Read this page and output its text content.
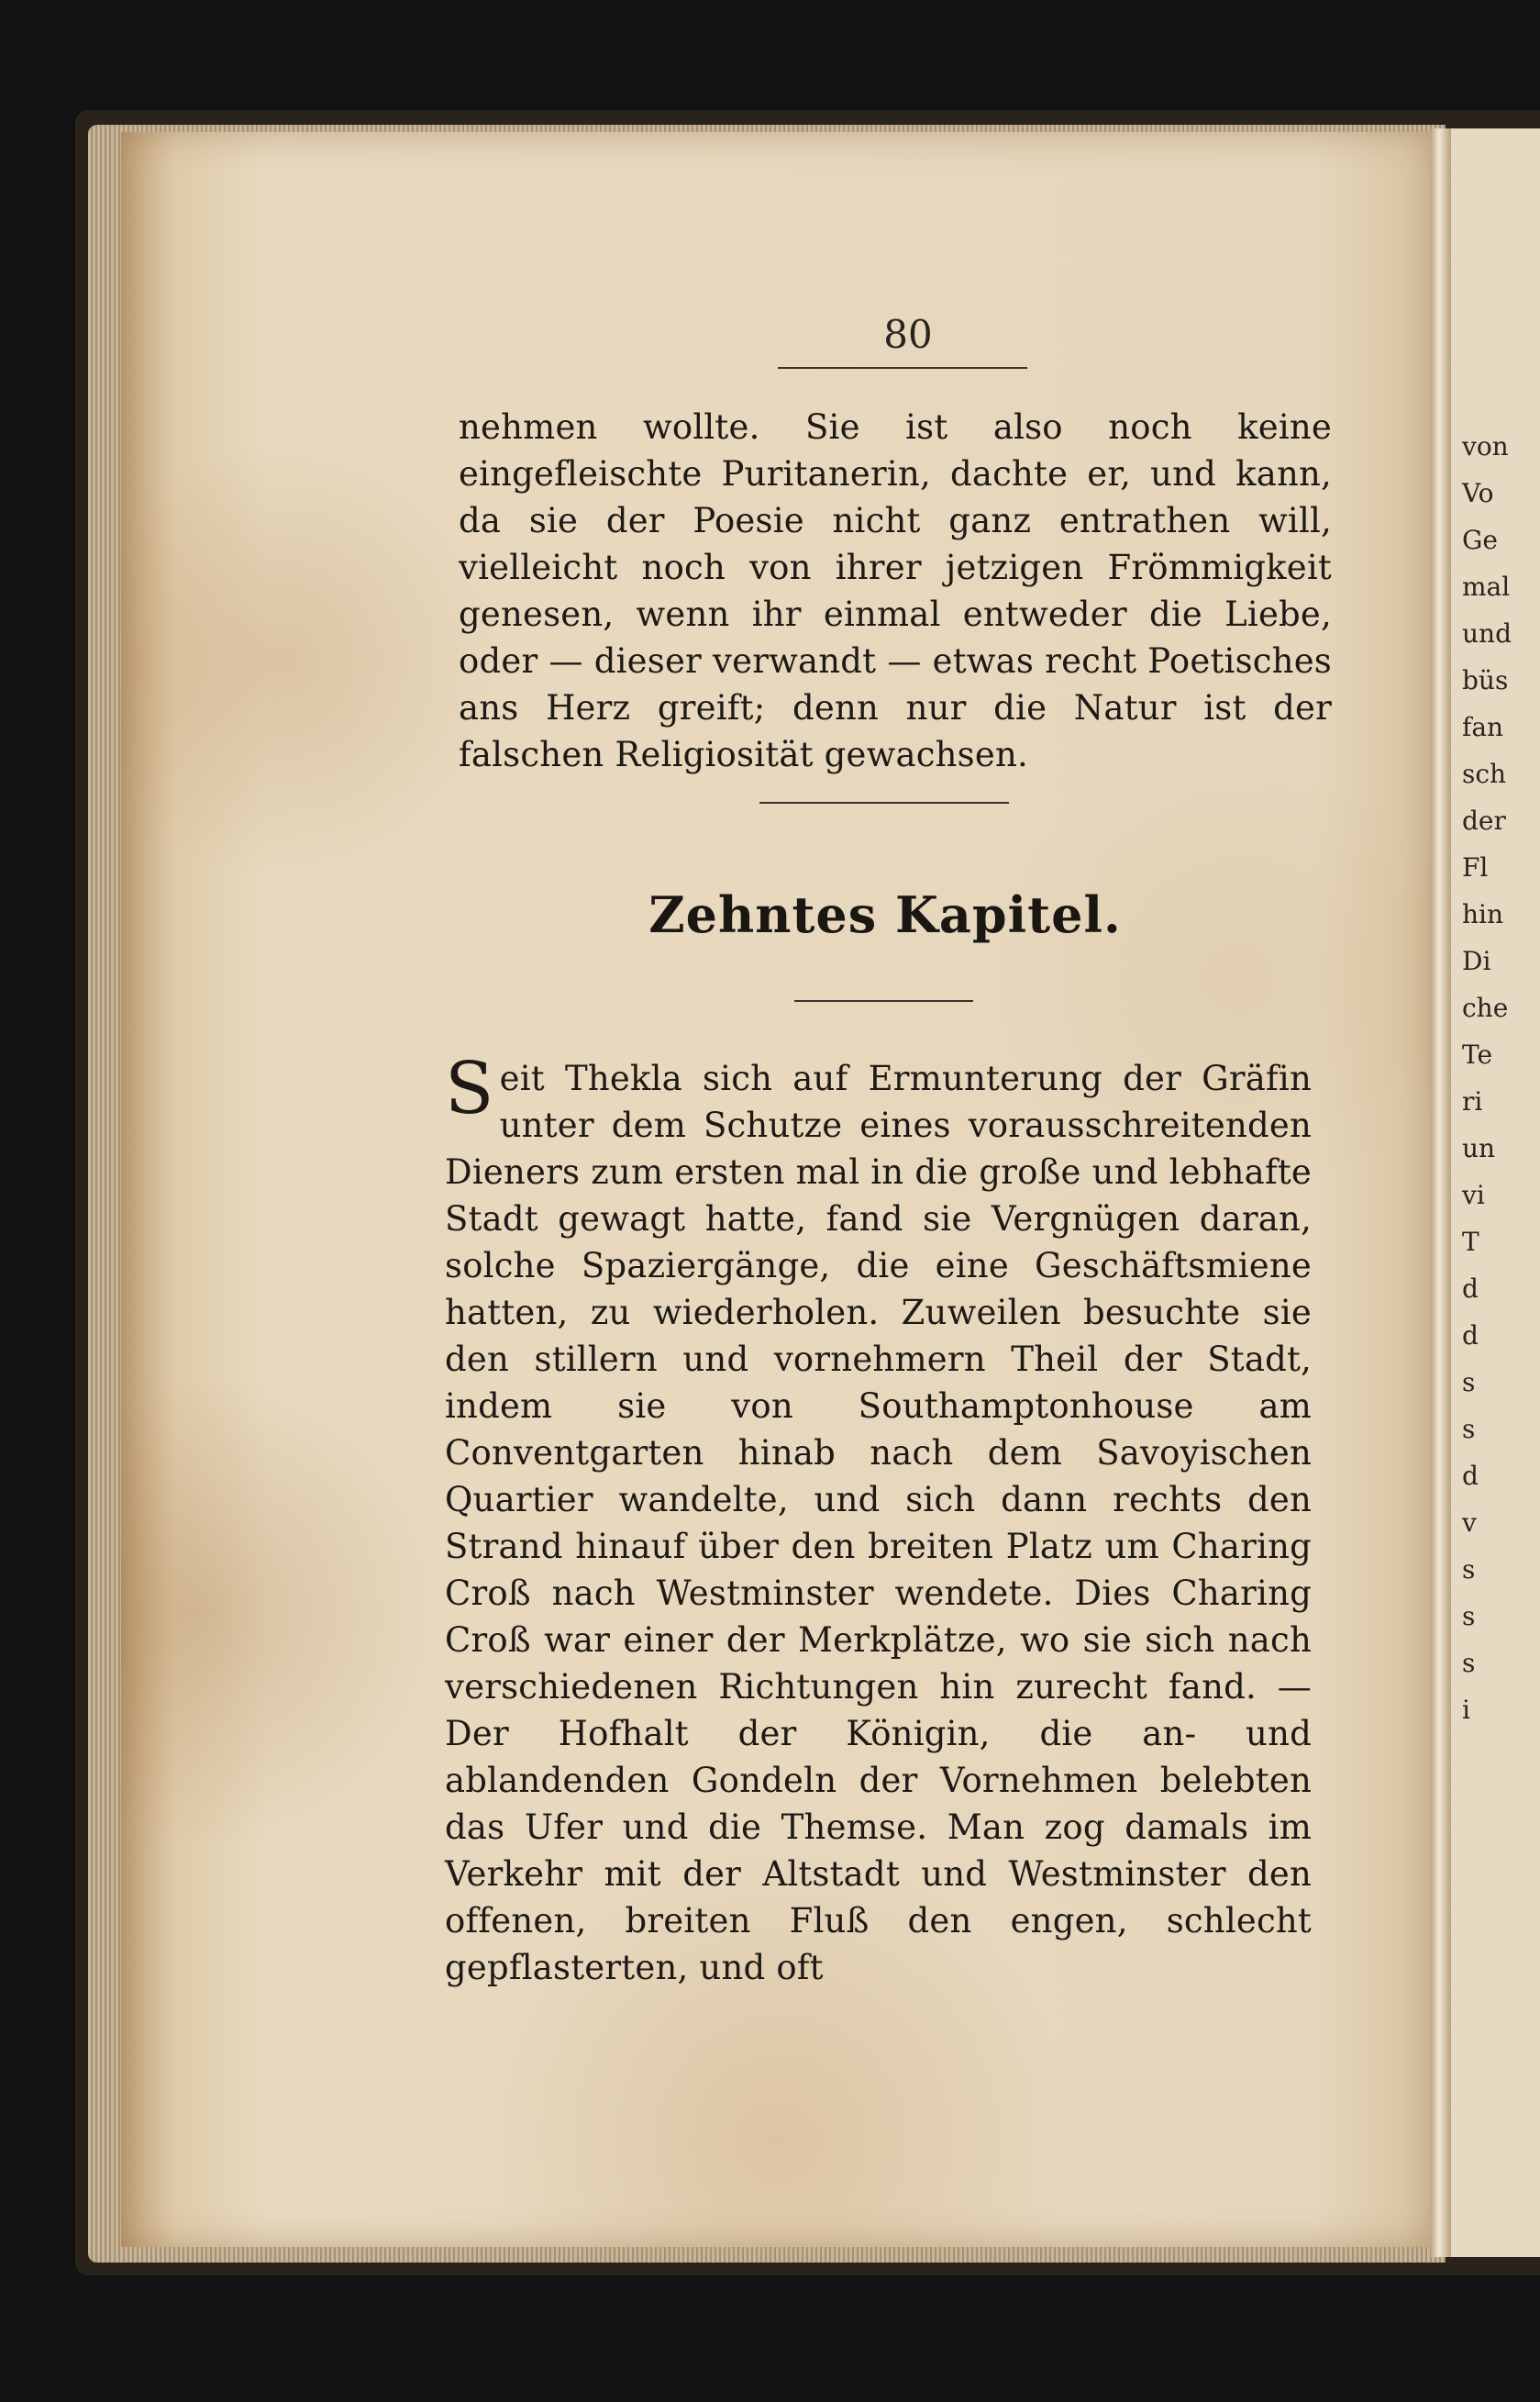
von
Vo
Ge
mal
und
büs
fan
sch
der
Fl
hin
Di
che
Te
ri
un
vi
T
d
d
s
s
d
v
s
s
s
i
80
nehmen wollte. Sie ist also noch keine eingefleischte Puritanerin, dachte er, und kann, da sie der Poesie nicht ganz entrathen will, vielleicht noch von ihrer jetzigen Frömmigkeit genesen, wenn ihr einmal entweder die Liebe, oder — dieser verwandt — etwas recht Poetisches ans Herz greift; denn nur die Natur ist der falschen Religiosität gewachsen.
Zehntes Kapitel.
Seit Thekla sich auf Ermunterung der Gräfin unter dem Schutze eines vorausschreitenden Dieners zum ersten mal in die große und lebhafte Stadt gewagt hatte, fand sie Vergnügen daran, solche Spaziergänge, die eine Geschäftsmiene hatten, zu wiederholen. Zuweilen besuchte sie den stillern und vornehmern Theil der Stadt, indem sie von Southamptonhouse am Conventgarten hinab nach dem Savoyischen Quartier wandelte, und sich dann rechts den Strand hinauf über den breiten Platz um Charing Croß nach Westminster wendete. Dies Charing Croß war einer der Merkplätze, wo sie sich nach verschiedenen Richtungen hin zurecht fand. — Der Hofhalt der Königin, die an- und ablandenden Gondeln der Vornehmen belebten das Ufer und die Themse. Man zog damals im Verkehr mit der Altstadt und Westminster den offenen, breiten Fluß den engen, schlecht gepflasterten, und oft
